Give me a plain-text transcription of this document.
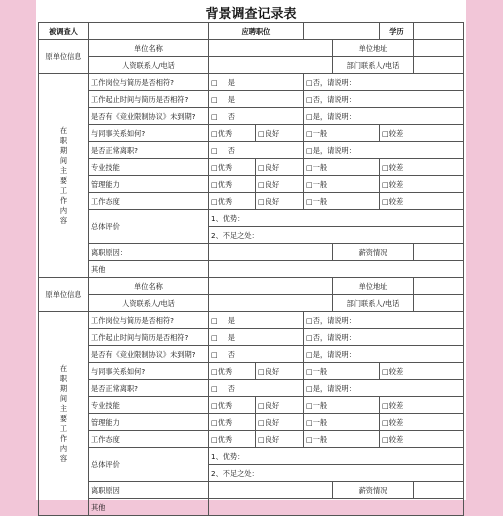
背景调查记录表
被调查人		应聘职位				学历	
原单位信息	单位名称				单位地址		
	人资联系人/电话				部门联系人/电话		

在职期间主要工作内容	工作岗位与简历是否相符?	□ 是		□否，请说明：			
	工作起止时间与简历是否相符?	□ 是		□否，请说明：			
	是否有《竞业限制协议》未到期?	□ 否		□是，请说明：			
	与同事关系如何?	□优秀	□良好	□一般		□较差	
	是否正常离职?	□ 否		□是，请说明：			
	专业技能	□优秀	□良好	□一般		□较差	
	管理能力	□优秀	□良好	□一般		□较差	
	工作态度	□优秀	□良好	□一般		□较差	
	总体评价	1、优势：					
		2、不足之处：					
	离职原因：				薪资情况		
	其他						

原单位信息	单位名称				单位地址		
	人资联系人/电话				部门联系人/电话		

在职期间主要工作内容	工作岗位与简历是否相符?	□ 是		□否，请说明：			
	工作起止时间与简历是否相符?	□ 是		□否，请说明：			
	是否有《竞业限制协议》未到期?	□ 否		□是，请说明：			
	与同事关系如何?	□优秀	□良好	□一般		□较差	
	是否正常离职?	□ 否		□是，请说明：			
	专业技能	□优秀	□良好	□一般		□较差	
	管理能力	□优秀	□良好	□一般		□较差	
	工作态度	□优秀	□良好	□一般		□较差	
	总体评价	1、优势：					
		2、不足之处：					
	离职原因				薪资情况		
	其他						
